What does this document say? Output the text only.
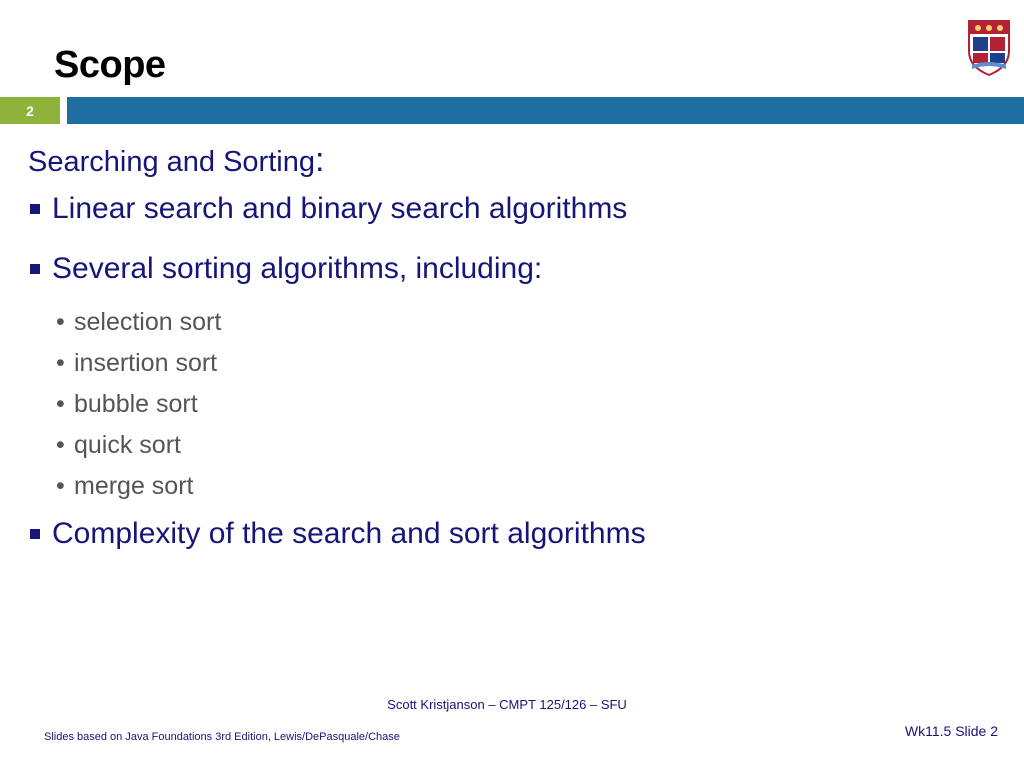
Scope
2
Searching and Sorting:
Linear search and binary search algorithms
Several sorting algorithms, including:
• selection sort
• insertion sort
• bubble sort
• quick sort
• merge sort
Complexity of the search and sort algorithms
Scott Kristjanson – CMPT 125/126 – SFU
Slides based on Java Foundations 3rd Edition, Lewis/DePasquale/Chase	Wk11.5 Slide 2
